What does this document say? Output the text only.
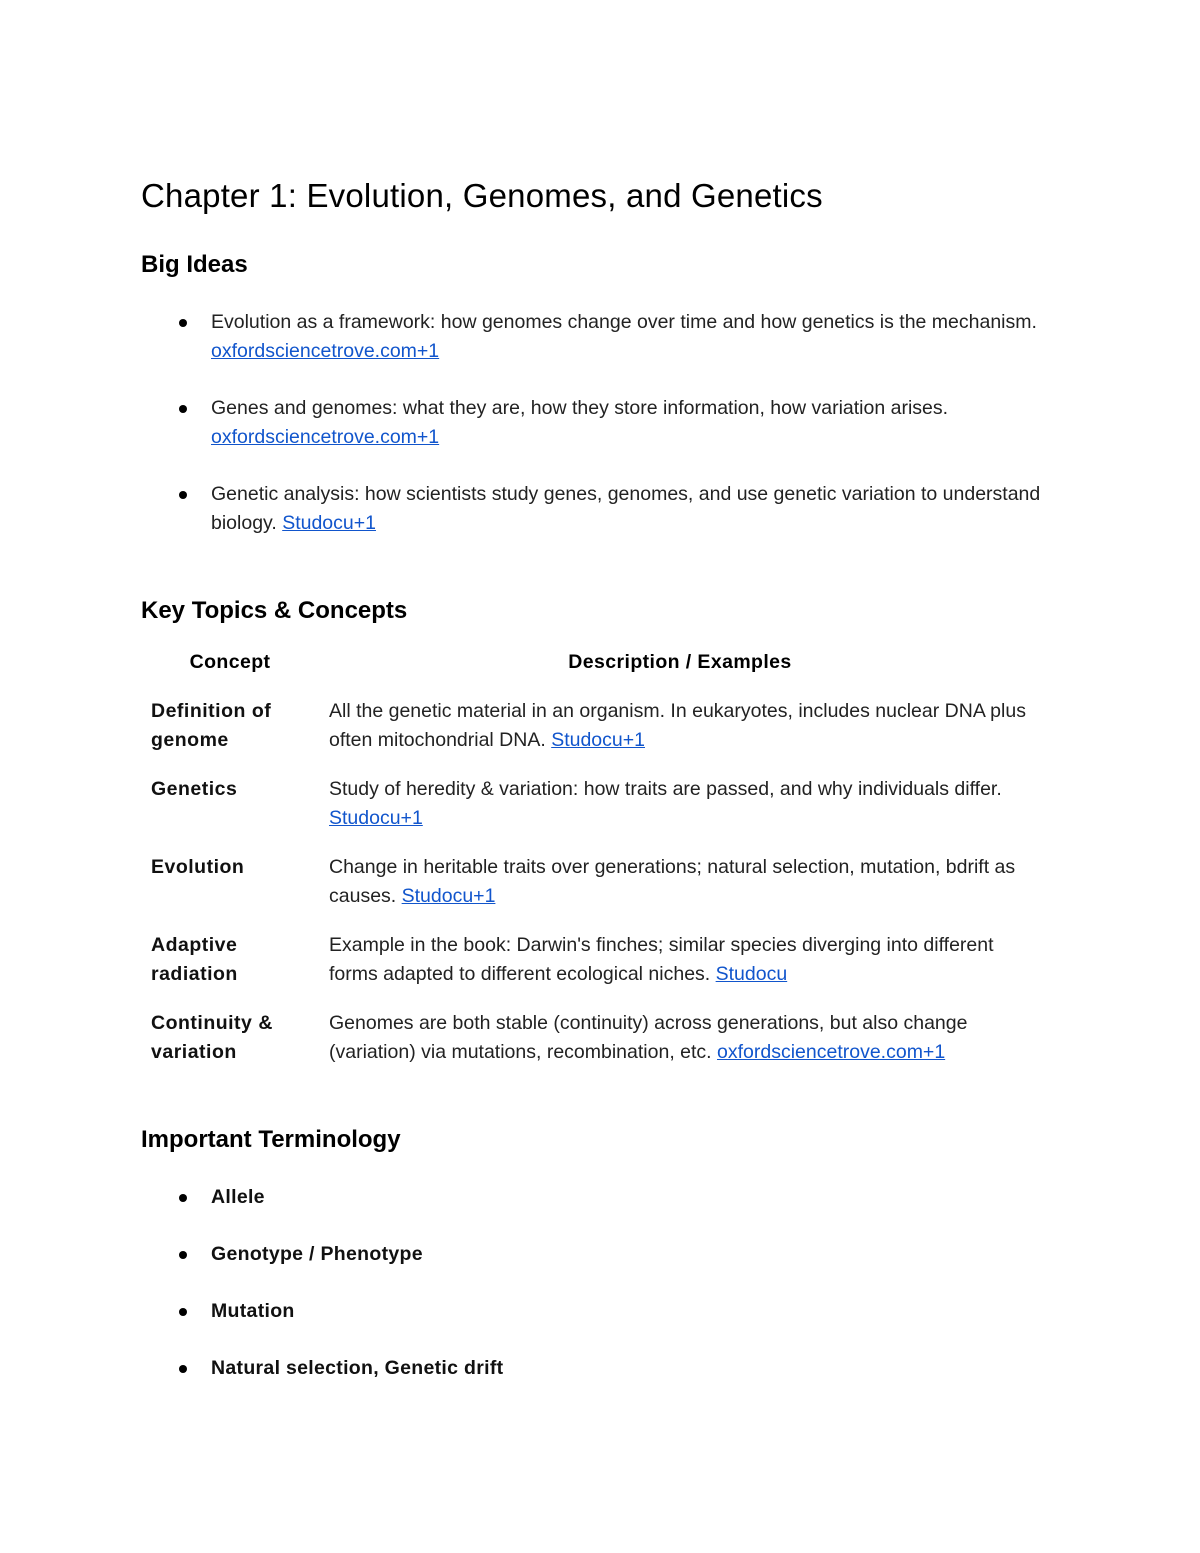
Chapter 1: Evolution, Genomes, and Genetics
Big Ideas
Evolution as a framework: how genomes change over time and how genetics is the mechanism. oxfordsciencetrove.com+1
Genes and genomes: what they are, how they store information, how variation arises. oxfordsciencetrove.com+1
Genetic analysis: how scientists study genes, genomes, and use genetic variation to understand biology. Studocu+1
Key Topics & Concepts
Concept	Description / Examples
Definition of genome	All the genetic material in an organism. In eukaryotes, includes nuclear DNA plus often mitochondrial DNA. Studocu+1
Genetics	Study of heredity & variation: how traits are passed, and why individuals differ. Studocu+1
Evolution	Change in heritable traits over generations; natural selection, mutation, bdrift as causes. Studocu+1
Adaptive radiation	Example in the book: Darwin's finches; similar species diverging into different forms adapted to different ecological niches. Studocu
Continuity & variation	Genomes are both stable (continuity) across generations, but also change (variation) via mutations, recombination, etc. oxfordsciencetrove.com+1
Important Terminology
Allele
Genotype / Phenotype
Mutation
Natural selection, Genetic drift
